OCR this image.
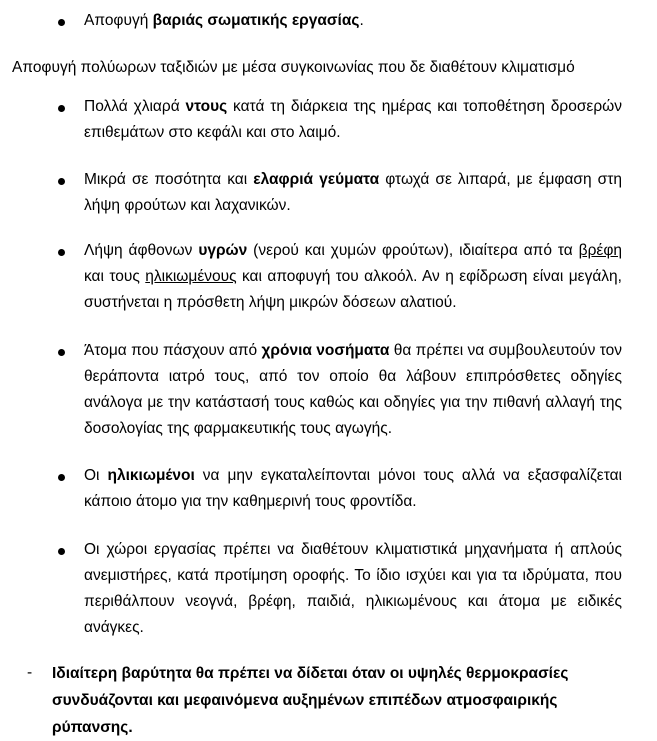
Αποφυγή βαριάς σωματικής εργασίας.
Αποφυγή πολύωρων ταξιδιών με μέσα συγκοινωνίας που δε διαθέτουν κλιματισμό
Πολλά χλιαρά ντους κατά τη διάρκεια της ημέρας και τοποθέτηση δροσερών επιθεμάτων στο κεφάλι και στο λαιμό.
Μικρά σε ποσότητα και ελαφριά γεύματα φτωχά σε λιπαρά, με έμφαση στη λήψη φρούτων και λαχανικών.
Λήψη άφθονων υγρών (νερού και χυμών φρούτων), ιδιαίτερα από τα βρέφη και τους ηλικιωμένους και αποφυγή του αλκοόλ. Αν η εφίδρωση είναι μεγάλη, συστήνεται η πρόσθετη λήψη μικρών δόσεων αλατιού.
Άτομα που πάσχουν από χρόνια νοσήματα θα πρέπει να συμβουλευτούν τον θεράποντα ιατρό τους, από τον οποίο θα λάβουν επιπρόσθετες οδηγίες ανάλογα με την κατάστασή τους καθώς και οδηγίες για την πιθανή αλλαγή της δοσολογίας της φαρμακευτικής τους αγωγής.
Οι ηλικιωμένοι να μην εγκαταλείπονται μόνοι τους αλλά να εξασφαλίζεται κάποιο άτομο για την καθημερινή τους φροντίδα.
Οι χώροι εργασίας πρέπει να διαθέτουν κλιματιστικά μηχανήματα ή απλούς ανεμιστήρες, κατά προτίμηση οροφής. Το ίδιο ισχύει και για τα ιδρύματα, που περιθάλπουν νεογνά, βρέφη, παιδιά, ηλικιωμένους και άτομα με ειδικές ανάγκες.
- Ιδιαίτερη βαρύτητα θα πρέπει να δίδεται όταν οι υψηλές θερμοκρασίες συνδυάζονται και μεφαινόμενα αυξημένων επιπέδων ατμοσφαιρικής ρύπανσης.
